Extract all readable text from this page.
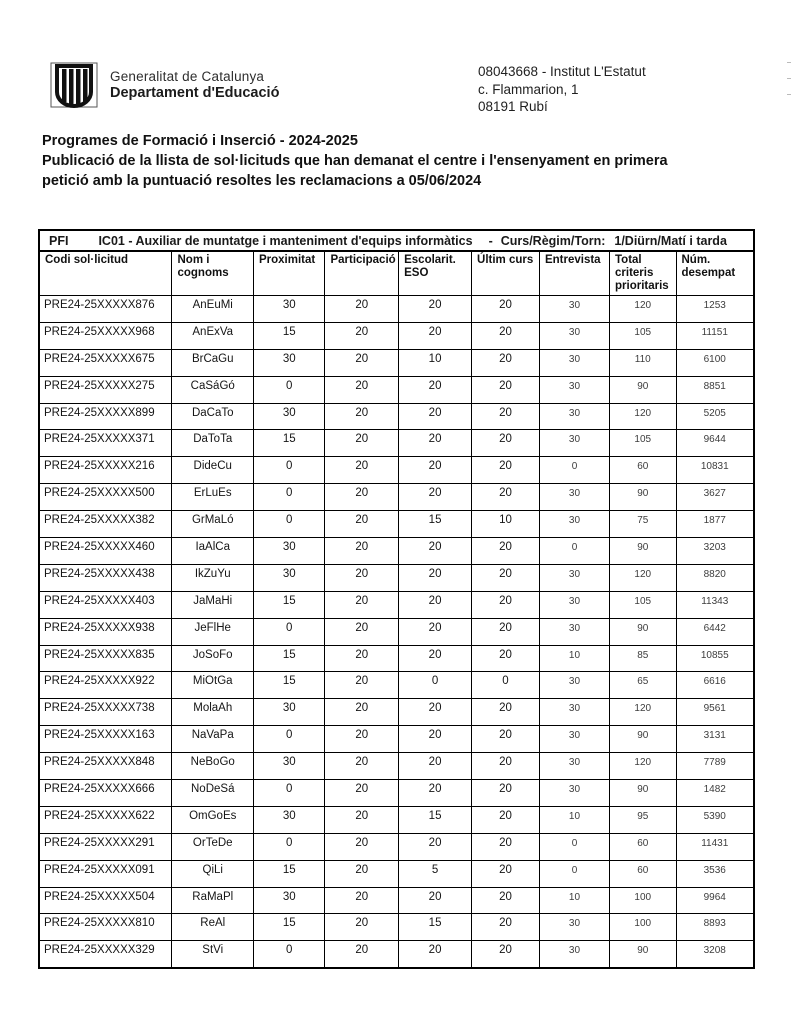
Generalitat de Catalunya
Departament d'Educació
08043668 - Institut L'Estatut
c. Flammarion, 1
08191 Rubí
Programes de Formació i Inserció - 2024-2025
Publicació de la llista de sol·licituds que han demanat el centre i l'ensenyament en primera
petició amb la puntuació resoltes les reclamacions a 05/06/2024
PFI IC01 - Auxiliar de muntatge i manteniment d'equips informàtics - Curs/Règim/Torn: 1/Diürn/Matí i tarda								

Codi sol·licitud	Nom i cognoms	Proximitat	Participació	Escolarit. ESO	Últim curs	Entrevista	Total criteris prioritaris	Núm. desempat
PRE24-25XXXXX876	AnEuMi	30	20	20	20	30	120	1253
PRE24-25XXXXX968	AnExVa	15	20	20	20	30	105	11151
PRE24-25XXXXX675	BrCaGu	30	20	10	20	30	110	6100
PRE24-25XXXXX275	CaSáGó	0	20	20	20	30	90	8851
PRE24-25XXXXX899	DaCaTo	30	20	20	20	30	120	5205
PRE24-25XXXXX371	DaToTa	15	20	20	20	30	105	9644
PRE24-25XXXXX216	DideCu	0	20	20	20	0	60	10831
PRE24-25XXXXX500	ErLuEs	0	20	20	20	30	90	3627
PRE24-25XXXXX382	GrMaLó	0	20	15	10	30	75	1877
PRE24-25XXXXX460	IaAlCa	30	20	20	20	0	90	3203
PRE24-25XXXXX438	IkZuYu	30	20	20	20	30	120	8820
PRE24-25XXXXX403	JaMaHi	15	20	20	20	30	105	11343
PRE24-25XXXXX938	JeFlHe	0	20	20	20	30	90	6442
PRE24-25XXXXX835	JoSoFo	15	20	20	20	10	85	10855
PRE24-25XXXXX922	MiOtGa	15	20	0	0	30	65	6616
PRE24-25XXXXX738	MolaAh	30	20	20	20	30	120	9561
PRE24-25XXXXX163	NaVaPa	0	20	20	20	30	90	3131
PRE24-25XXXXX848	NeBoGo	30	20	20	20	30	120	7789
PRE24-25XXXXX666	NoDeSá	0	20	20	20	30	90	1482
PRE24-25XXXXX622	OmGoEs	30	20	15	20	10	95	5390
PRE24-25XXXXX291	OrTeDe	0	20	20	20	0	60	11431
PRE24-25XXXXX091	QiLi	15	20	5	20	0	60	3536
PRE24-25XXXXX504	RaMaPl	30	20	20	20	10	100	9964
PRE24-25XXXXX810	ReAl	15	20	15	20	30	100	8893
PRE24-25XXXXX329	StVi	0	20	20	20	30	90	3208
